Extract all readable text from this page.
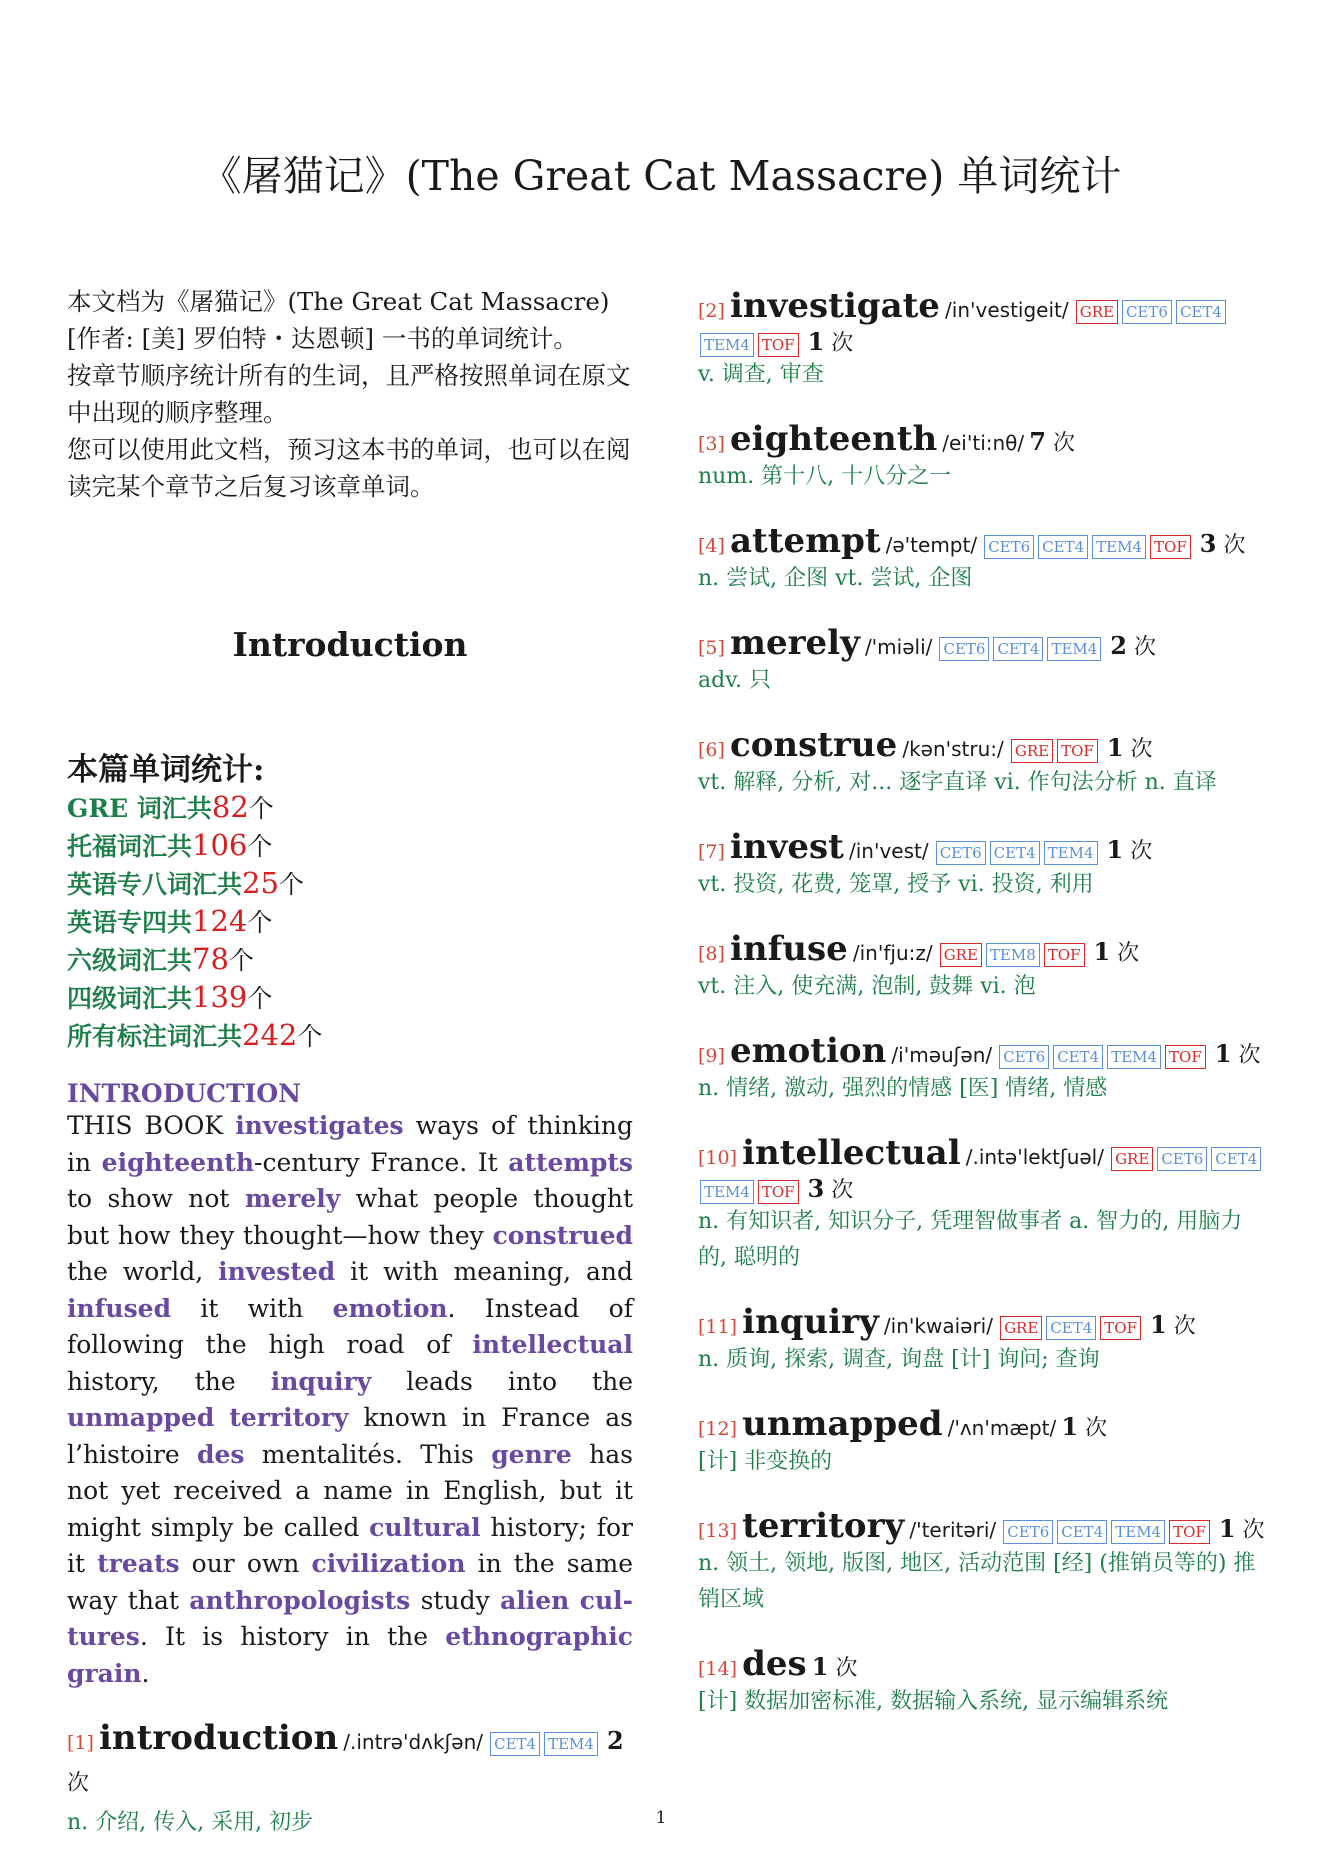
《屠猫记》(The Great Cat Massacre) 单词统计

本文档为《屠猫记》(The Great Cat Massacre)[作者: [美] 罗伯特・达恩顿] 一书的单词统计。

按章节顺序统计所有的生词，且严格按照单词在原文中出现的顺序整理。

您可以使用此文档，预习这本书的单词，也可以在阅读完某个章节之后复习该章单词。

Introduction
本篇单词统计:
GRE 词汇共82个
托福词汇共106个
英语专八词汇共25个
英语专四共124个
六级词汇共78个
四级词汇共139个
所有标注词汇共242个
INTRODUCTION
THIS BOOK investigates ways of thinking in eighteenth-century France. It attempts to show not merely what people thought but how they thought—how they construed the world, invested it with meaning, and infused it with emotion. Instead of following the high road of intellectual history, the inquiry leads into the unmapped territory known in France as l’histoire des mentalités. This genre has not yet received a name in English, but it might simply be called cultural history; for it treats our own civilization in the same way that anthropologists study alien cul-tures. It is history in the ethnographic grain.
[1] introduction /.intrə'dʌkʃən/ CET4 TEM4 2 次
n. 介绍, 传入, 采用, 初步
[2] investigate /in'vestigeit/ GRE CET6 CET4TEM4 TOF 1 次
v. 调查, 审查
[3] eighteenth /ei'ti:nθ/ 7 次
num. 第十八, 十八分之一
[4] attempt /ə'tempt/ CET6 CET4 TEM4 TOF 3 次
n. 尝试, 企图 vt. 尝试, 企图
[5] merely /'miəli/ CET6 CET4 TEM4 2 次
adv. 只
[6] construe /kən'stru:/ GRE TOF 1 次
vt. 解释, 分析, 对... 逐字直译 vi. 作句法分析 n. 直译
[7] invest /in'vest/ CET6 CET4 TEM4 1 次
vt. 投资, 花费, 笼罩, 授予 vi. 投资, 利用
[8] infuse /in'fju:z/ GRE TEM8 TOF 1 次
vt. 注入, 使充满, 泡制, 鼓舞 vi. 泡
[9] emotion /i'məuʃən/ CET6 CET4 TEM4 TOF 1 次
n. 情绪, 激动, 强烈的情感 [医] 情绪, 情感
[10] intellectual /.intə'lektʃuəl/ GRE CET6 CET4TEM4 TOF 3 次
n. 有知识者, 知识分子, 凭理智做事者 a. 智力的, 用脑力的, 聪明的
[11] inquiry /in'kwaiəri/ GRE CET4 TOF 1 次
n. 质询, 探索, 调查, 询盘 [计] 询问; 查询
[12] unmapped /'ʌn'mæpt/ 1 次
[计] 非变换的
[13] territory /'teritəri/ CET6 CET4 TEM4 TOF 1 次
n. 领土, 领地, 版图, 地区, 活动范围 [经] (推销员等的) 推销区域
[14] des 1 次
[计] 数据加密标准, 数据输入系统, 显示编辑系统
1
